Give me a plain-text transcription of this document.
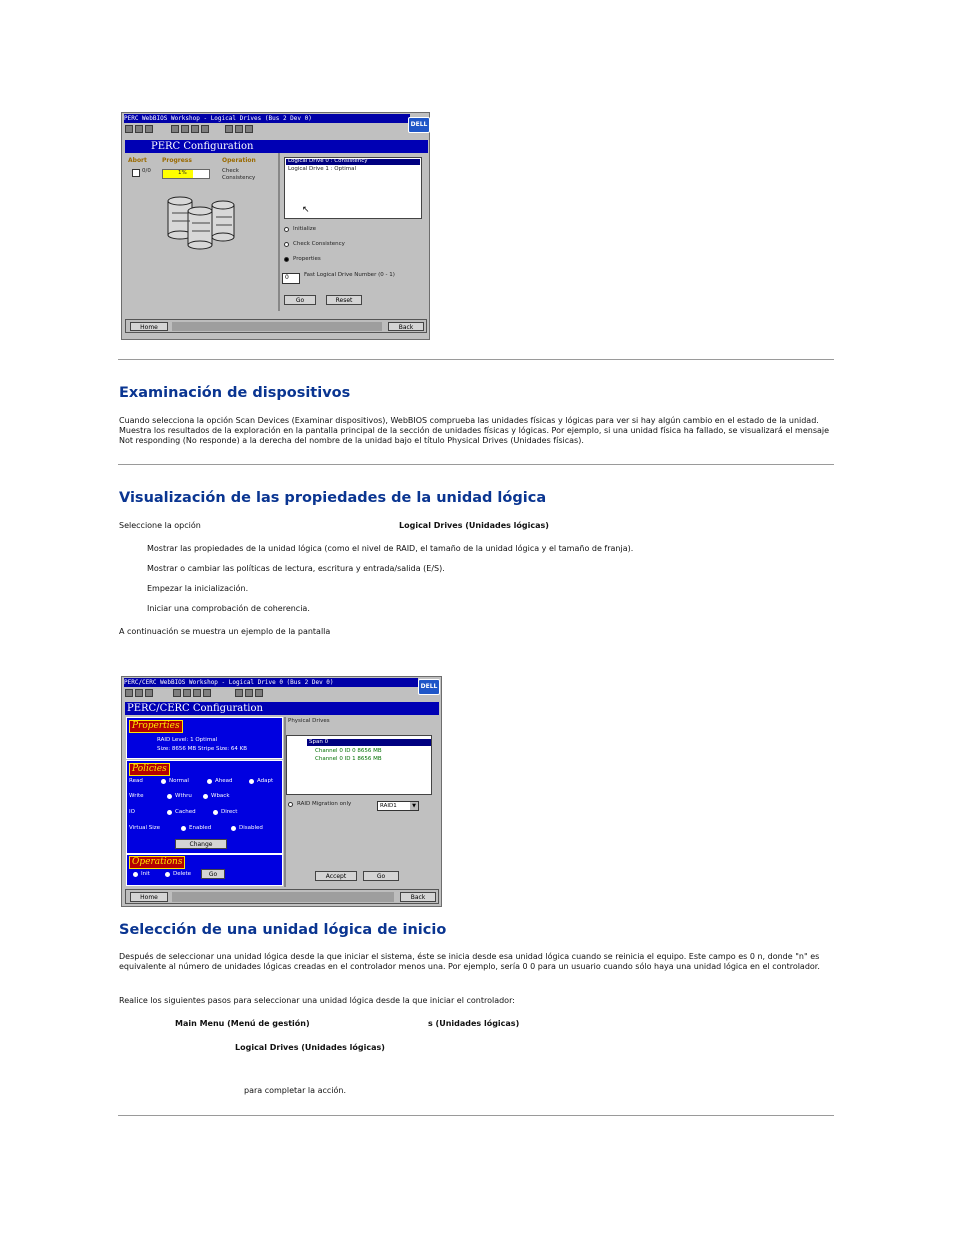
PERC WebBIOS Workshop - Logical Drives (Bus 2 Dev 0)
DELL
PERC Configuration
Abort	Progress	Operation
0/0	1%	Check
Consistency
Logical Drive 0 : Consistency
Logical Drive 1 : Optimal
↖
Initialize
Check Consistency
Properties
0	Fast Logical Drive Number (0 - 1)
Go	Reset
Home	Back
Examinación de dispositivos
Cuando selecciona la opción Scan Devices (Examinar dispositivos), WebBIOS comprueba las unidades físicas y lógicas para ver si hay algún cambio en el estado de la unidad. Muestra los resultados de la exploración en la pantalla principal de la sección de unidades físicas y lógicas. Por ejemplo, si una unidad física ha fallado, se visualizará el mensaje Not responding (No responde) a la derecha del nombre de la unidad bajo el título Physical Drives (Unidades físicas).
Visualización de las propiedades de la unidad lógica
Seleccione la opción	Logical Drives (Unidades lógicas)
Mostrar las propiedades de la unidad lógica (como el nivel de RAID, el tamaño de la unidad lógica y el tamaño de franja).
Mostrar o cambiar las políticas de lectura, escritura y entrada/salida (E/S).
Empezar la inicialización.
Iniciar una comprobación de coherencia.
A continuación se muestra un ejemplo de la pantalla
PERC/CERC WebBIOS Workshop - Logical Drive 0 (Bus 2 Dev 0)
DELL
PERC/CERC Configuration
Properties
RAID Level: 1 Optimal
Size: 8656 MB Stripe Size: 64 KB
Policies
Read	Normal	Ahead	Adapt
Write	Wthru	Wback
IO	Cached	Direct
Virtual Size	Enabled	Disabled
Change
Operations
Init	Delete	Go
Physical Drives
Span 0
Channel 0 ID 0 8656 MB
Channel 0 ID 1 8656 MB
RAID Migration only	RAID1	▼
Accept	Go
Home	Back
Selección de una unidad lógica de inicio
Después de seleccionar una unidad lógica desde la que iniciar el sistema, éste se inicia desde esa unidad lógica cuando se reinicia el equipo. Este campo es 0 n, donde "n" es equivalente al número de unidades lógicas creadas en el controlador menos una. Por ejemplo, sería 0 0 para un usuario cuando sólo haya una unidad lógica en el controlador.
Realice los siguientes pasos para seleccionar una unidad lógica desde la que iniciar el controlador:
Main Menu (Menú de gestión)	s (Unidades lógicas)
Logical Drives (Unidades lógicas)
para completar la acción.
